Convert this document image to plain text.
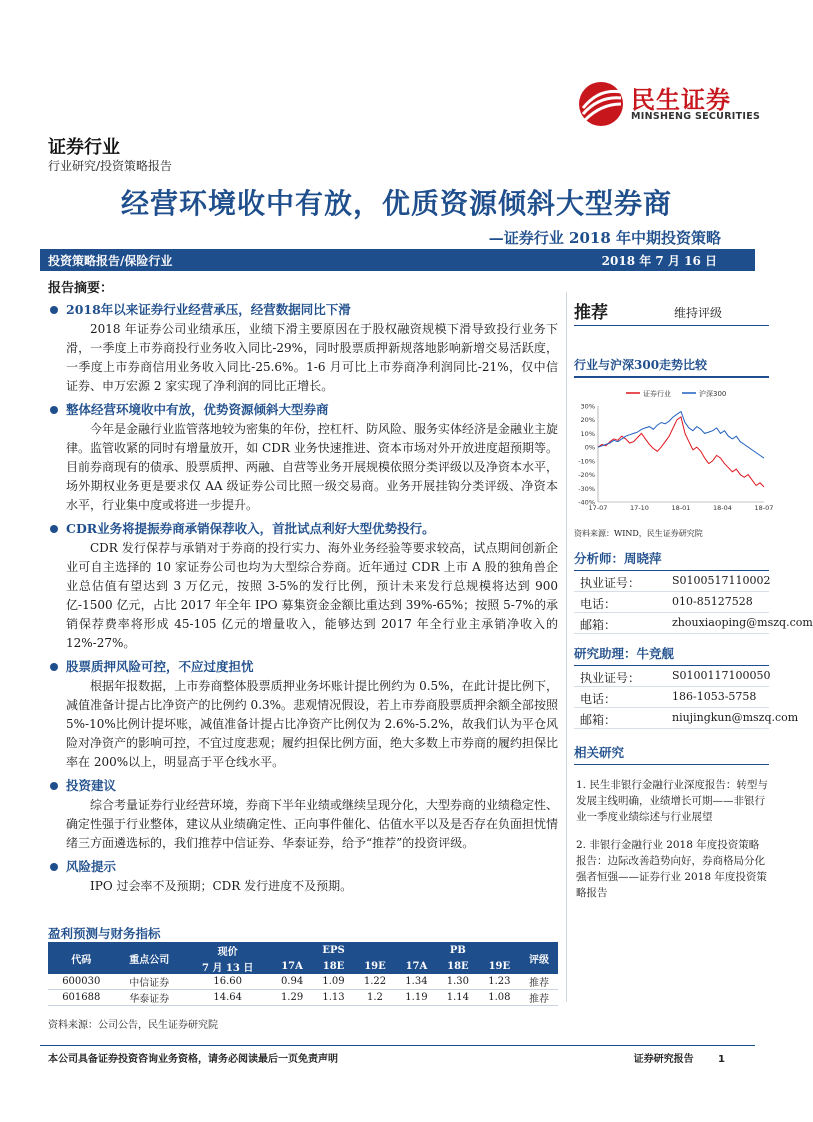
民生证券
MINSHENG SECURITIES
证券行业
行业研究/投资策略报告
经营环境收中有放，优质资源倾斜大型券商
—证券行业 2018 年中期投资策略
投资策略报告/保险行业	2018 年 7 月 16 日
报告摘要：
2018年以来证券行业经营承压，经营数据同比下滑

2018 年证券公司业绩承压，业绩下滑主要原因在于股权融资规模下滑导致投行业务下滑，一季度上市券商投行业务收入同比-29%，同时股票质押新规落地影响新增交易活跃度，一季度上市券商信用业务收入同比-25.6%。1-6 月可比上市券商净利润同比-21%，仅中信证券、申万宏源 2 家实现了净利润的同比正增长。

整体经营环境收中有放，优势资源倾斜大型券商

今年是金融行业监管落地较为密集的年份，控杠杆、防风险、服务实体经济是金融业主旋律。监管收紧的同时有增量放开，如 CDR 业务快速推进、资本市场对外开放进度超预期等。目前券商现有的债承、股票质押、两融、自营等业务开展规模依照分类评级以及净资本水平，场外期权业务更是要求仅 AA 级证券公司比照一级交易商。业务开展挂钩分类评级、净资本水平，行业集中度或将进一步提升。

CDR业务将提振券商承销保荐收入，首批试点利好大型优势投行。

CDR 发行保荐与承销对于券商的投行实力、海外业务经验等要求较高，试点期间创新企业可自主选择的 10 家证券公司也均为大型综合券商。近年通过 CDR 上市 A 股的独角兽企业总估值有望达到 3 万亿元，按照 3-5%的发行比例，预计未来发行总规模将达到 900 亿-1500 亿元，占比 2017 年全年 IPO 募集资金金额比重达到 39%-65%；按照 5-7%的承销保荐费率将形成 45-105 亿元的增量收入，能够达到 2017 年全行业主承销净收入的 12%-27%。

股票质押风险可控，不应过度担忧

根据年报数据，上市券商整体股票质押业务坏账计提比例约为 0.5%，在此计提比例下，减值准备计提占比净资产的比例约 0.3%。悲观情况假设，若上市券商股票质押余额全部按照 5%-10%比例计提坏账，减值准备计提占比净资产比例仅为 2.6%-5.2%，故我们认为平仓风险对净资产的影响可控，不宜过度悲观；履约担保比例方面，绝大多数上市券商的履约担保比率在 200%以上，明显高于平仓线水平。

投资建议

综合考量证券行业经营环境，券商下半年业绩或继续呈现分化，大型券商的业绩稳定性、确定性强于行业整体，建议从业绩确定性、正向事件催化、估值水平以及是否存在负面担忧情绪三方面遴选标的，我们推荐中信证券、华泰证券，给予“推荐”的投资评级。

风险提示

IPO 过会率不及预期；CDR 发行进度不及预期。

盈利预测与财务指标
代码	重点公司	现价	EPS			PB			评级
		7 月 13 日	17A	18E	19E	17A	18E	19E	
600030	中信证券	16.60	0.94	1.09	1.22	1.34	1.30	1.23	推荐
601688	华泰证券	14.64	1.29	1.13	1.2	1.19	1.14	1.08	推荐
资料来源：公司公告，民生证券研究院
推荐	维持评级
行业与沪深300走势比较
证券行业	沪深300
30%
20%
10%
0%
-10%
-20%
-30%
-40%
17-07	17-10	18-01	18-04	18-07
资料来源：WIND，民生证券研究院
分析师：周晓萍
执业证号：	S0100517110002
电话：	010-85127528
邮箱：	zhouxiaoping@mszq.com
研究助理：牛竞舰
执业证号：	S0100117100050
电话：	186-1053-5758
邮箱：	niujingkun@mszq.com
相关研究
1. 民生非银行金融行业深度报告：转型与发展主线明确，业绩增长可期——非银行业一季度业绩综述与行业展望
2. 非银行金融行业 2018 年度投资策略报告：边际改善趋势向好，券商格局分化强者恒强——证券行业 2018 年度投资策略报告
本公司具备证券投资咨询业务资格，请务必阅读最后一页免责声明	证券研究报告       1
